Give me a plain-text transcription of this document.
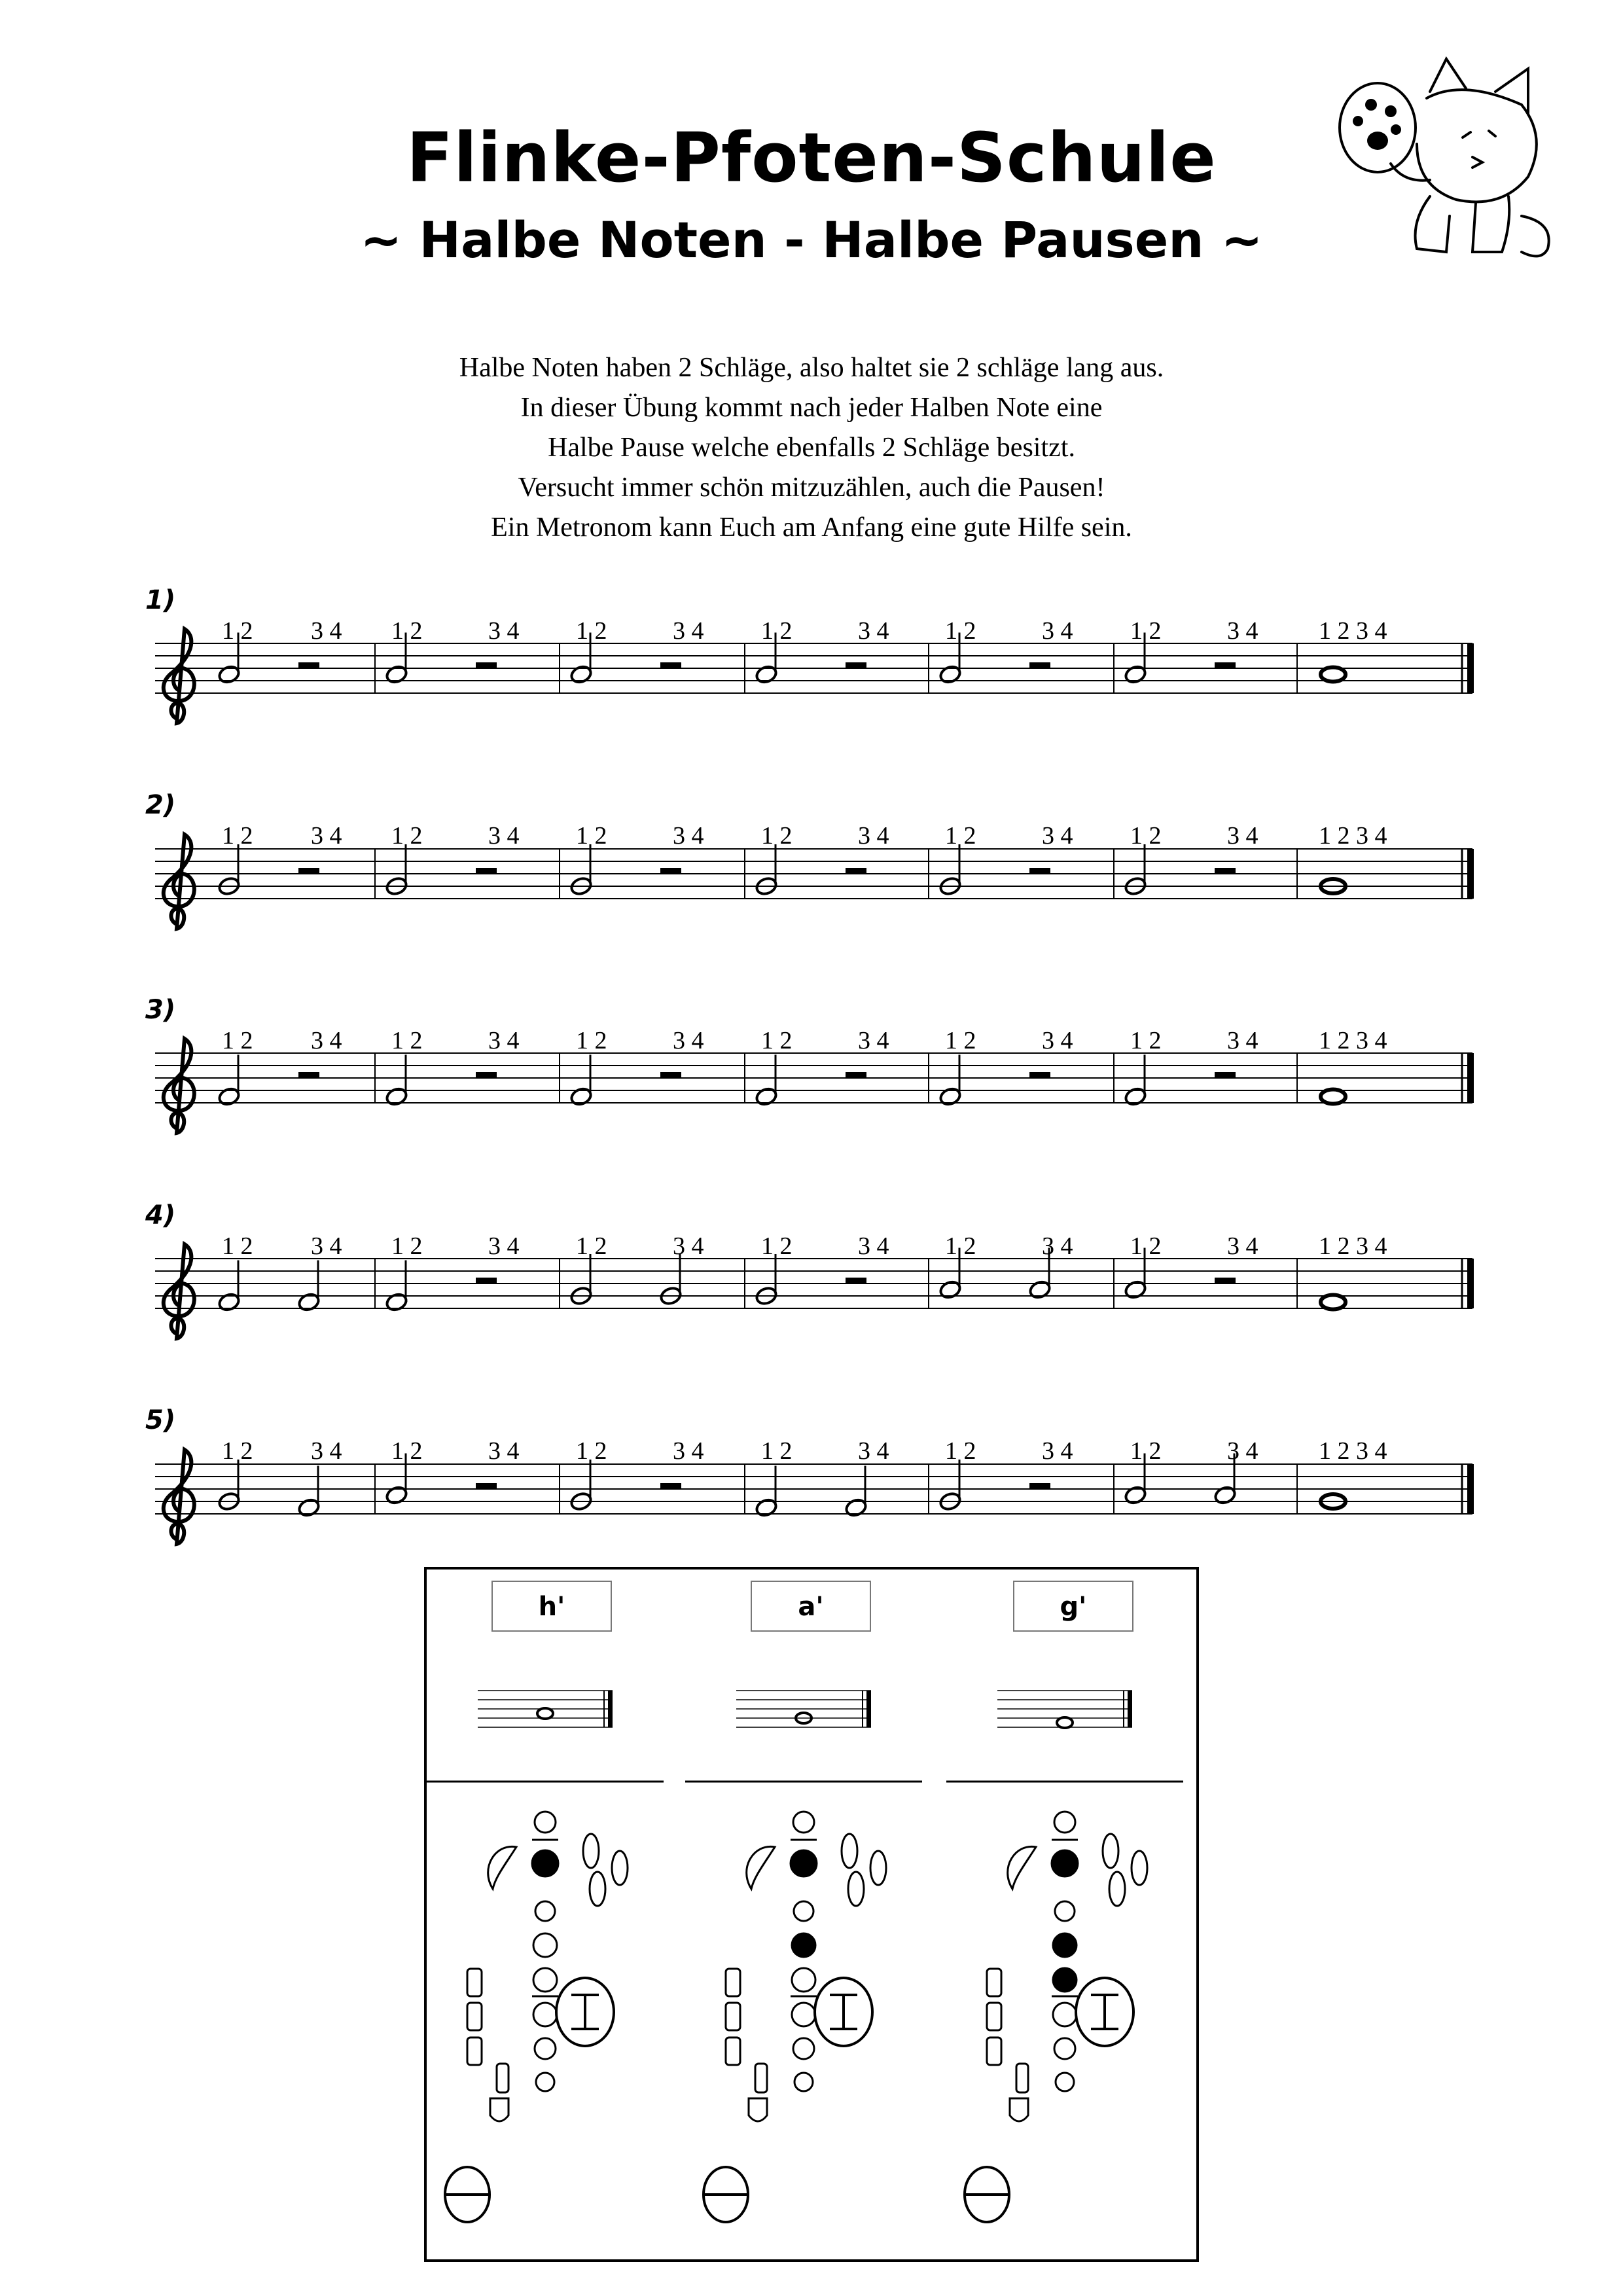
Flinke-Pfoten-Schule
~ Halbe Noten - Halbe Pausen ~
Halbe Noten haben 2 Schläge, also haltet sie 2 schläge lang aus.
In dieser Übung kommt nach jeder Halben Note eine
Halbe Pause welche ebenfalls 2 Schläge besitzt.
Versucht immer schön mitzuzählen, auch die Pausen!
Ein Metronom kann Euch am Anfang eine gute Hilfe sein.
1)
1 2 3 4 1 2	3 4 1 2	3 4 1 2	3 4 1 2	3 4 1 2	3 4 1 2 3 4
2)
1 2 3 4 1 2	3 4 1 2	3 4 1 2	3 4 1 2	3 4 1 2	3 4 1 2 3 4
3)
1 2 3 4 1 2	3 4 1 2	3 4 1 2	3 4 1 2	3 4 1 2	3 4 1 2 3 4
4)
1 2 3 4 1 2	3 4 1 2	3 4 1 2	3 4 1 2	3 4 1 2	3 4 1 2 3 4
5)
1 2 3 4 1 2	3 4 1 2	3 4 1 2	3 4 1 2	3 4 1 2	3 4 1 2 3 4
h'	a'	g'
